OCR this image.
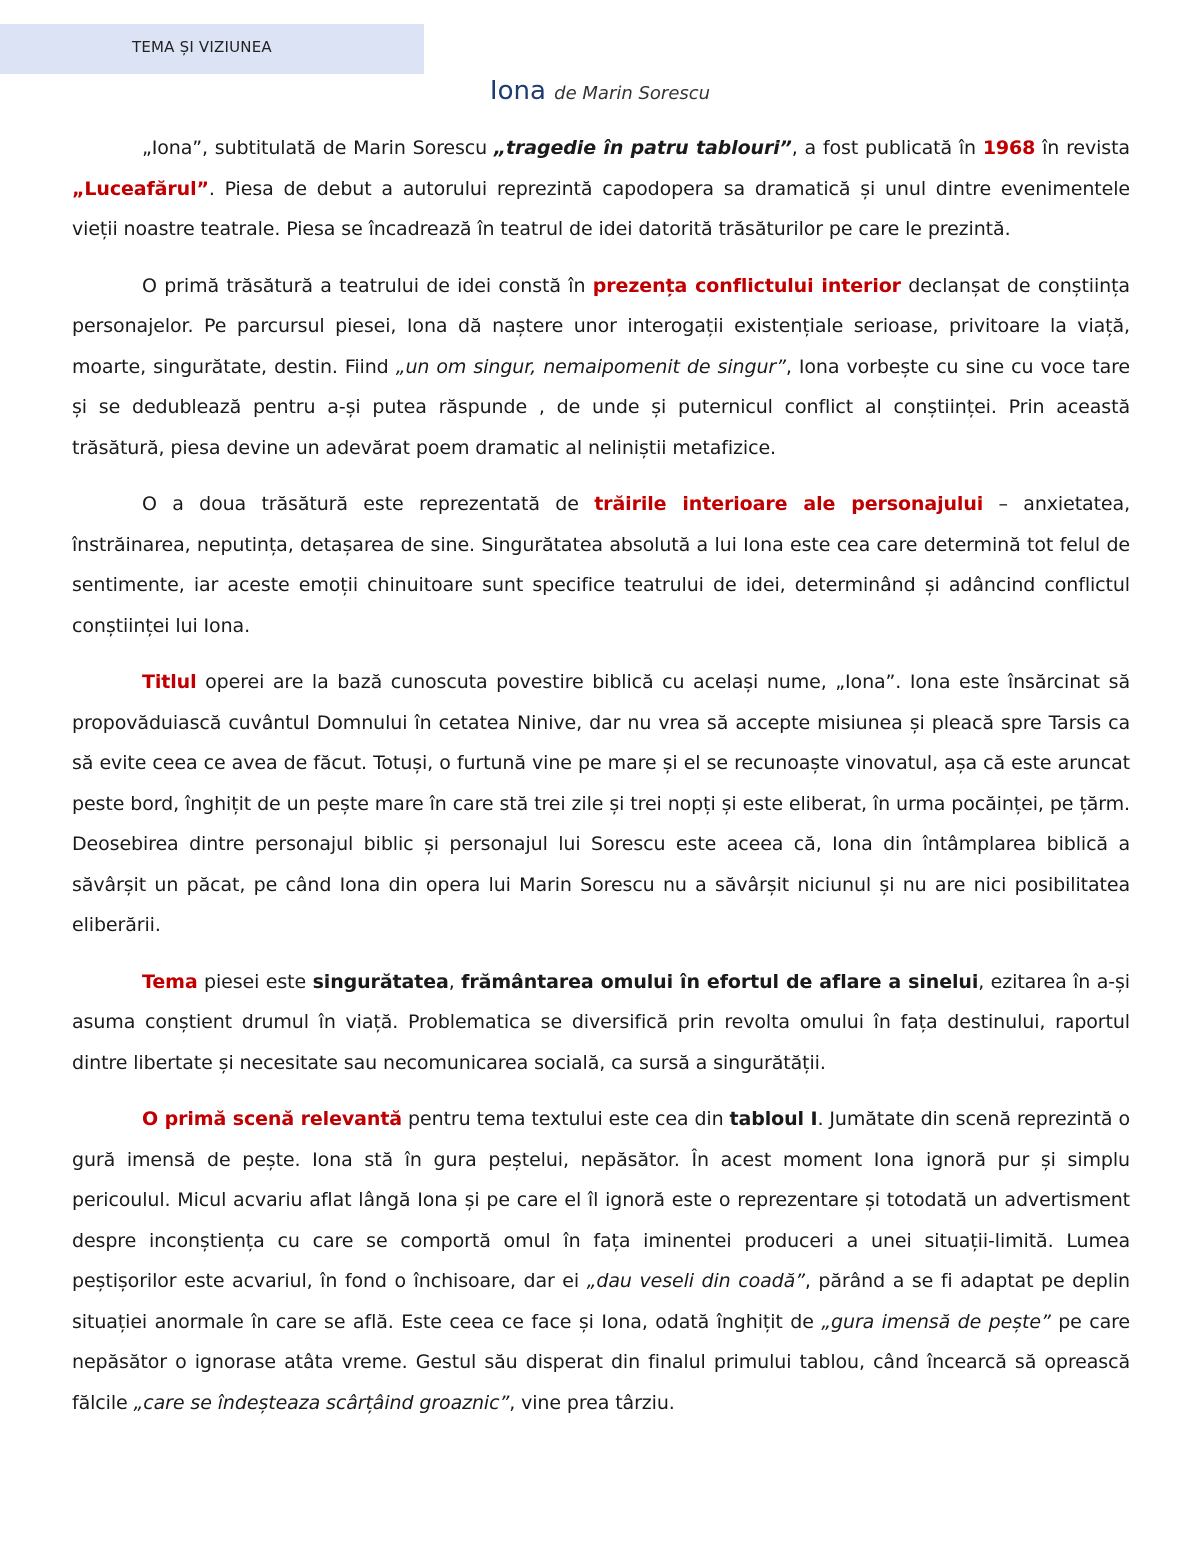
TEMA ȘI VIZIUNEA
Iona de Marin Sorescu

„Iona”, subtitulată de Marin Sorescu „tragedie în patru tablouri”, a fost publicată în 1968 în revista „Luceafărul”. Piesa de debut a autorului reprezintă capodopera sa dramatică și unul dintre evenimentele vieții noastre teatrale. Piesa se încadrează în teatrul de idei datorită trăsăturilor pe care le prezintă.

O primă trăsătură a teatrului de idei constă în prezența conflictului interior declanșat de conștiința personajelor. Pe parcursul piesei, Iona dă naștere unor interogații existențiale serioase, privitoare la viață, moarte, singurătate, destin. Fiind „un om singur, nemaipomenit de singur”, Iona vorbește cu sine cu voce tare și se dedublează pentru a-și putea răspunde , de unde și puternicul conflict al conștiinței. Prin această trăsătură, piesa devine un adevărat poem dramatic al neliniștii metafizice.

O a doua trăsătură este reprezentată de trăirile interioare ale personajului – anxietatea, înstrăinarea, neputința, detașarea de sine. Singurătatea absolută a lui Iona este cea care determină tot felul de sentimente, iar aceste emoții chinuitoare sunt specifice teatrului de idei, determinând și adâncind conflictul conștiinței lui Iona.

Titlul operei are la bază cunoscuta povestire biblică cu același nume, „Iona”. Iona este însărcinat să propovăduiască cuvântul Domnului în cetatea Ninive, dar nu vrea să accepte misiunea și pleacă spre Tarsis ca să evite ceea ce avea de făcut. Totuși, o furtună vine pe mare și el se recunoaște vinovatul, așa că este aruncat peste bord, înghițit de un pește mare în care stă trei zile și trei nopți și este eliberat, în urma pocăinței, pe țărm. Deosebirea dintre personajul biblic și personajul lui Sorescu este aceea că, Iona din întâmplarea biblică a săvârșit un păcat, pe când Iona din opera lui Marin Sorescu nu a săvârșit niciunul și nu are nici posibilitatea eliberării.

Tema piesei este singurătatea, frământarea omului în efortul de aflare a sinelui, ezitarea în a-și asuma conștient drumul în viață. Problematica se diversifică prin revolta omului în fața destinului, raportul dintre libertate și necesitate sau necomunicarea socială, ca sursă a singurătății.

O primă scenă relevantă pentru tema textului este cea din tabloul I. Jumătate din scenă reprezintă o gură imensă de pește. Iona stă în gura peștelui, nepăsător. În acest moment Iona ignoră pur și simplu pericoulul. Micul acvariu aflat lângă Iona și pe care el îl ignoră este o reprezentare și totodată un advertisment despre inconștiența cu care se comportă omul în fața iminentei produceri a unei situații-limită. Lumea peștișorilor este acvariul, în fond o închisoare, dar ei „dau veseli din coadă”, părând a se fi adaptat pe deplin situației anormale în care se află. Este ceea ce face și Iona, odată înghițit de „gura imensă de pește” pe care nepăsător o ignorase atâta vreme. Gestul său disperat din finalul primului tablou, când încearcă să oprească fălcile „care se îndeșteaza scârțâind groaznic”, vine prea târziu.
